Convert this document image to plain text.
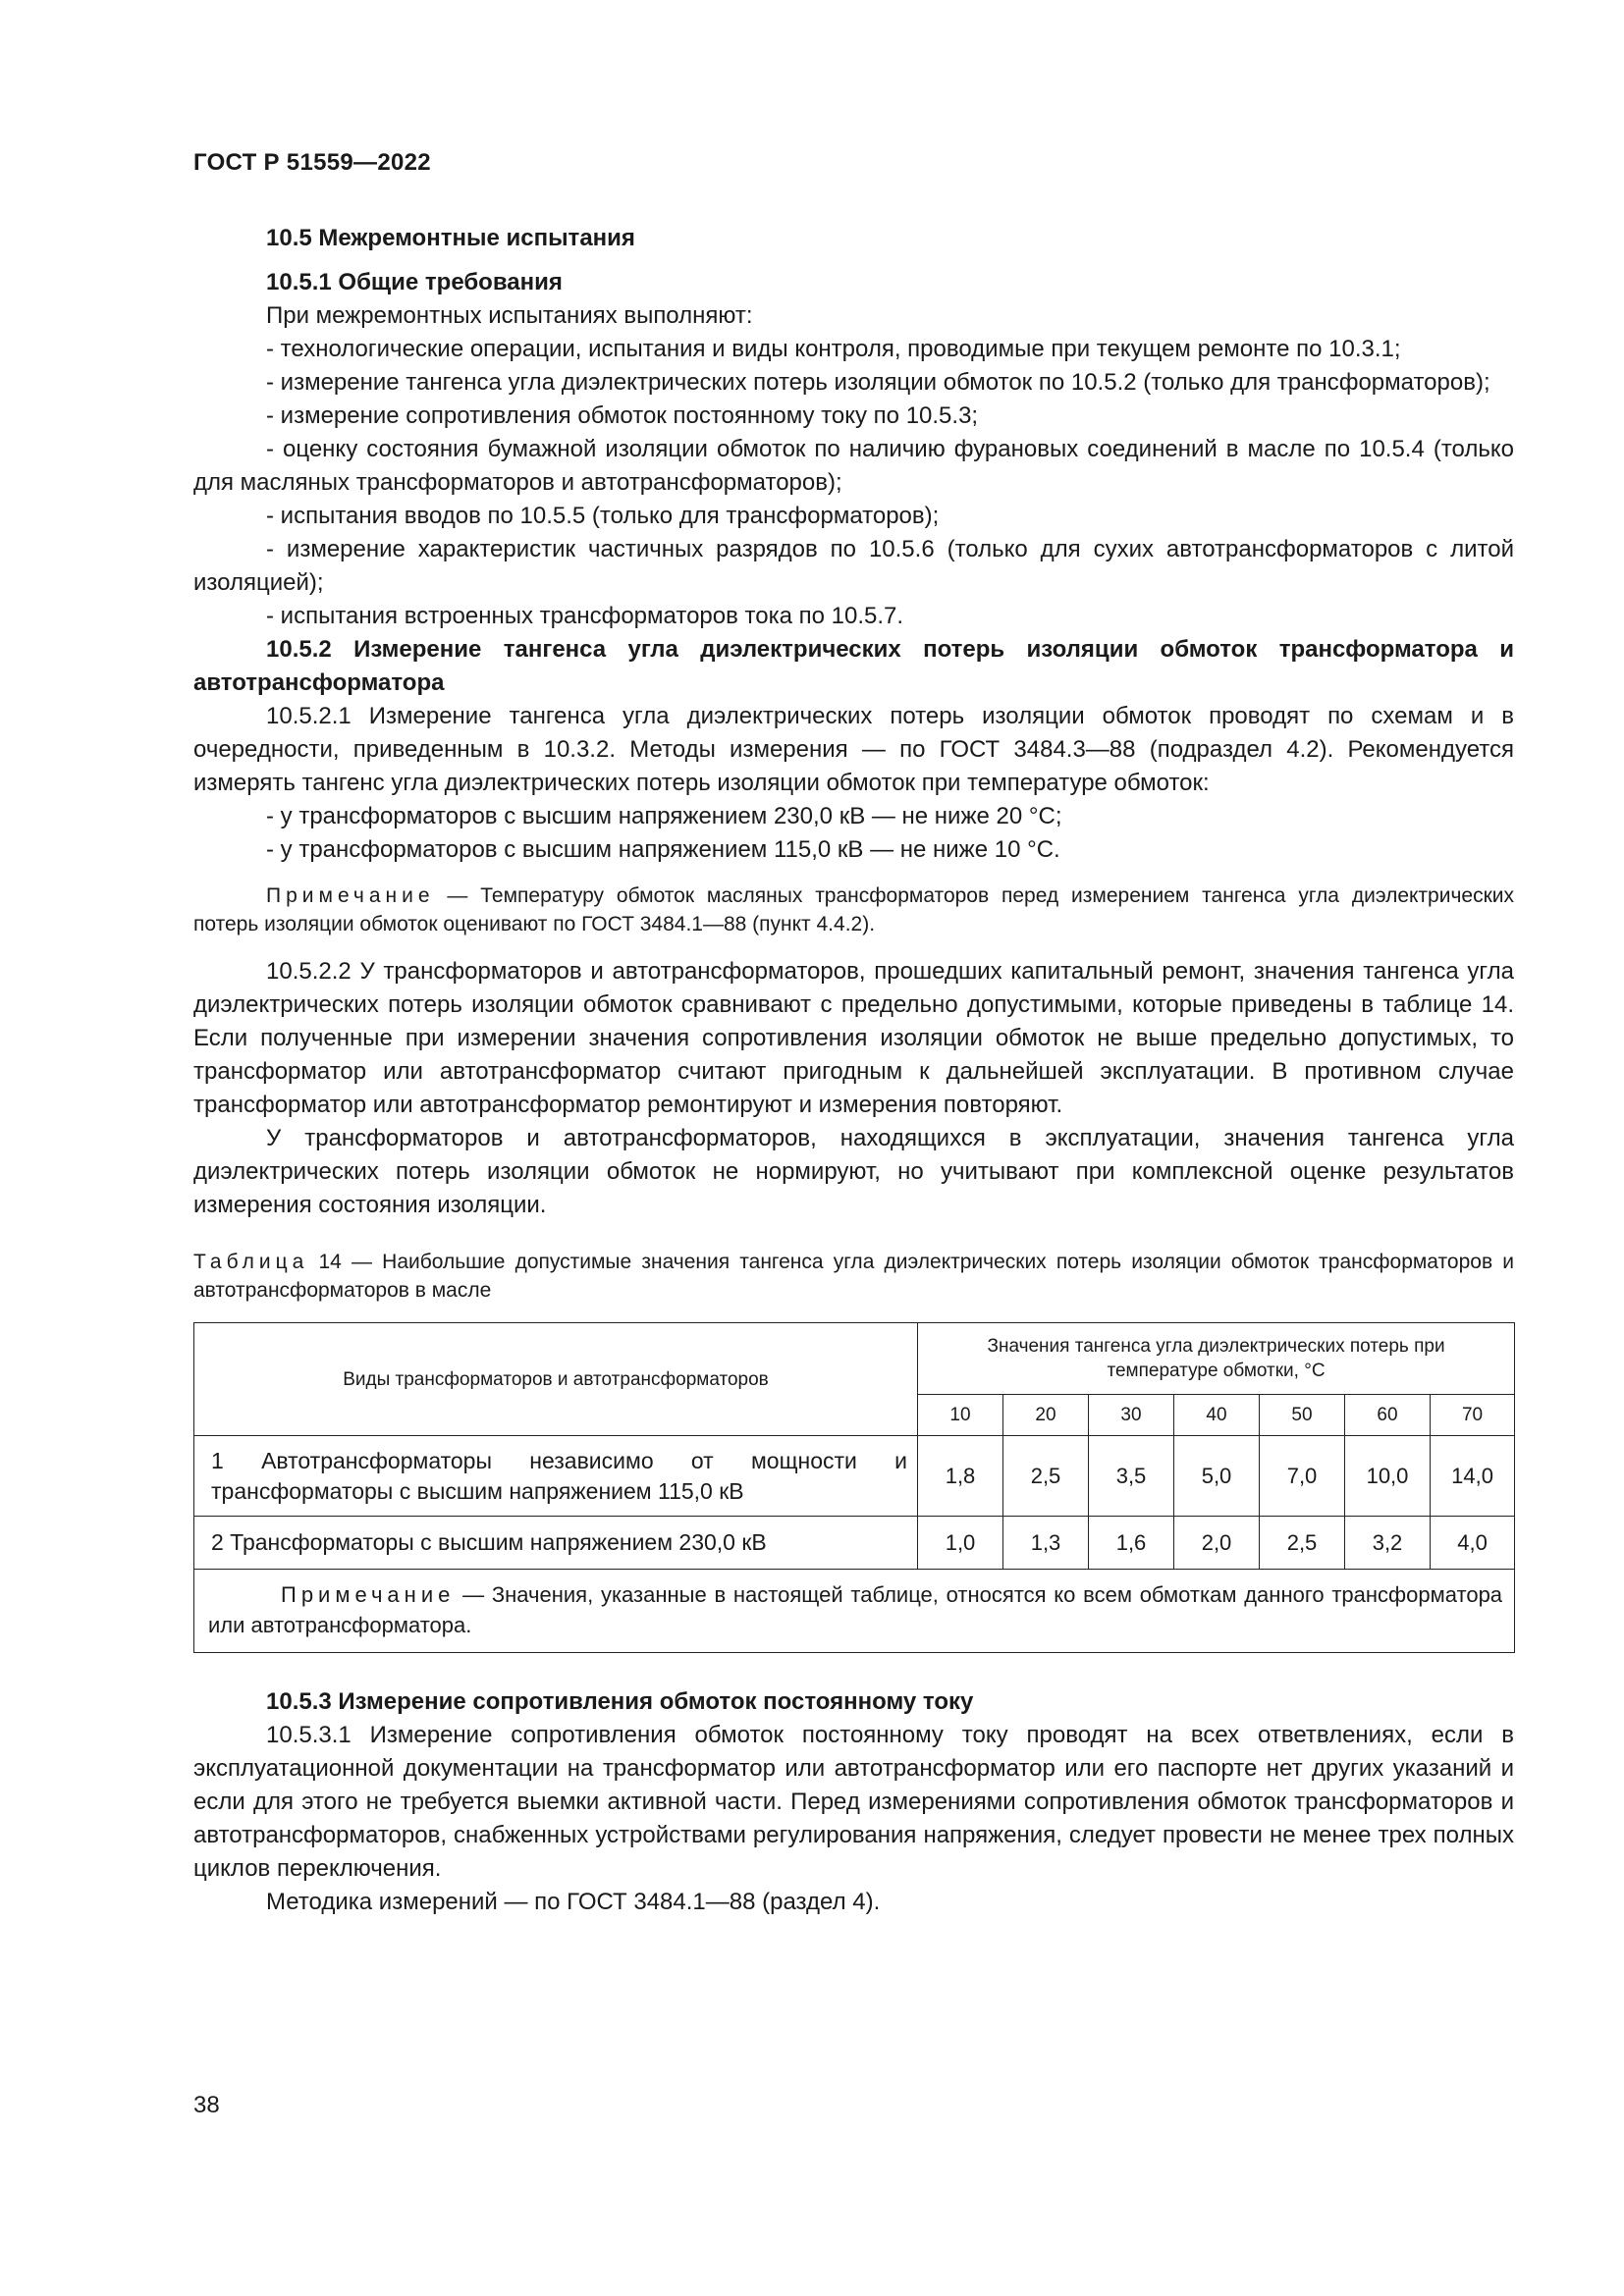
ГОСТ Р 51559—2022

10.5 Межремонтные испытания

10.5.1 Общие требования

При межремонтных испытаниях выполняют:

- технологические операции, испытания и виды контроля, проводимые при текущем ремонте по 10.3.1;

- измерение тангенса угла диэлектрических потерь изоляции обмоток по 10.5.2 (только для трансформаторов);

- измерение сопротивления обмоток постоянному току по 10.5.3;

- оценку состояния бумажной изоляции обмоток по наличию фурановых соединений в масле по 10.5.4 (только для масляных трансформаторов и автотрансформаторов);

- испытания вводов по 10.5.5 (только для трансформаторов);

- измерение характеристик частичных разрядов по 10.5.6 (только для сухих автотрансформаторов с литой изоляцией);

- испытания встроенных трансформаторов тока по 10.5.7.

10.5.2 Измерение тангенса угла диэлектрических потерь изоляции обмоток трансформатора и автотрансформатора

10.5.2.1 Измерение тангенса угла диэлектрических потерь изоляции обмоток проводят по схемам и в очередности, приведенным в 10.3.2. Методы измерения — по ГОСТ 3484.3—88 (подраздел 4.2). Рекомендуется измерять тангенс угла диэлектрических потерь изоляции обмоток при температуре обмоток:

- у трансформаторов с высшим напряжением 230,0 кВ — не ниже 20 °С;

- у трансформаторов с высшим напряжением 115,0 кВ — не ниже 10 °С.

Примечание — Температуру обмоток масляных трансформаторов перед измерением тангенса угла диэлектрических потерь изоляции обмоток оценивают по ГОСТ 3484.1—88 (пункт 4.4.2).

10.5.2.2 У трансформаторов и автотрансформаторов, прошедших капитальный ремонт, значения тангенса угла диэлектрических потерь изоляции обмоток сравнивают с предельно допустимыми, которые приведены в таблице 14. Если полученные при измерении значения сопротивления изоляции обмоток не выше предельно допустимых, то трансформатор или автотрансформатор считают пригодным к дальнейшей эксплуатации. В противном случае трансформатор или автотрансформатор ремонтируют и измерения повторяют.

У трансформаторов и автотрансформаторов, находящихся в эксплуатации, значения тангенса угла диэлектрических потерь изоляции обмоток не нормируют, но учитывают при комплексной оценке результатов измерения состояния изоляции.

Таблица 14 — Наибольшие допустимые значения тангенса угла диэлектрических потерь изоляции обмоток трансформаторов и автотрансформаторов в масле

Виды трансформаторов и автотрансформаторов	Значения тангенса угла диэлектрических потерь при температуре обмотки, °С						
	10	20	30	40	50	60	70
1 Автотрансформаторы независимо от мощности и трансформаторы с высшим напряжением 115,0 кВ	1,8	2,5	3,5	5,0	7,0	10,0	14,0
2 Трансформаторы с высшим напряжением 230,0 кВ	1,0	1,3	1,6	2,0	2,5	3,2	4,0

Примечание — Значения, указанные в настоящей таблице, относятся ко всем обмоткам данного трансформатора или автотрансформатора.							

10.5.3 Измерение сопротивления обмоток постоянному току

10.5.3.1 Измерение сопротивления обмоток постоянному току проводят на всех ответвлениях, если в эксплуатационной документации на трансформатор или автотрансформатор или его паспорте нет других указаний и если для этого не требуется выемки активной части. Перед измерениями сопротивления обмоток трансформаторов и автотрансформаторов, снабженных устройствами регулирования напряжения, следует провести не менее трех полных циклов переключения.

Методика измерений — по ГОСТ 3484.1—88 (раздел 4).

38
